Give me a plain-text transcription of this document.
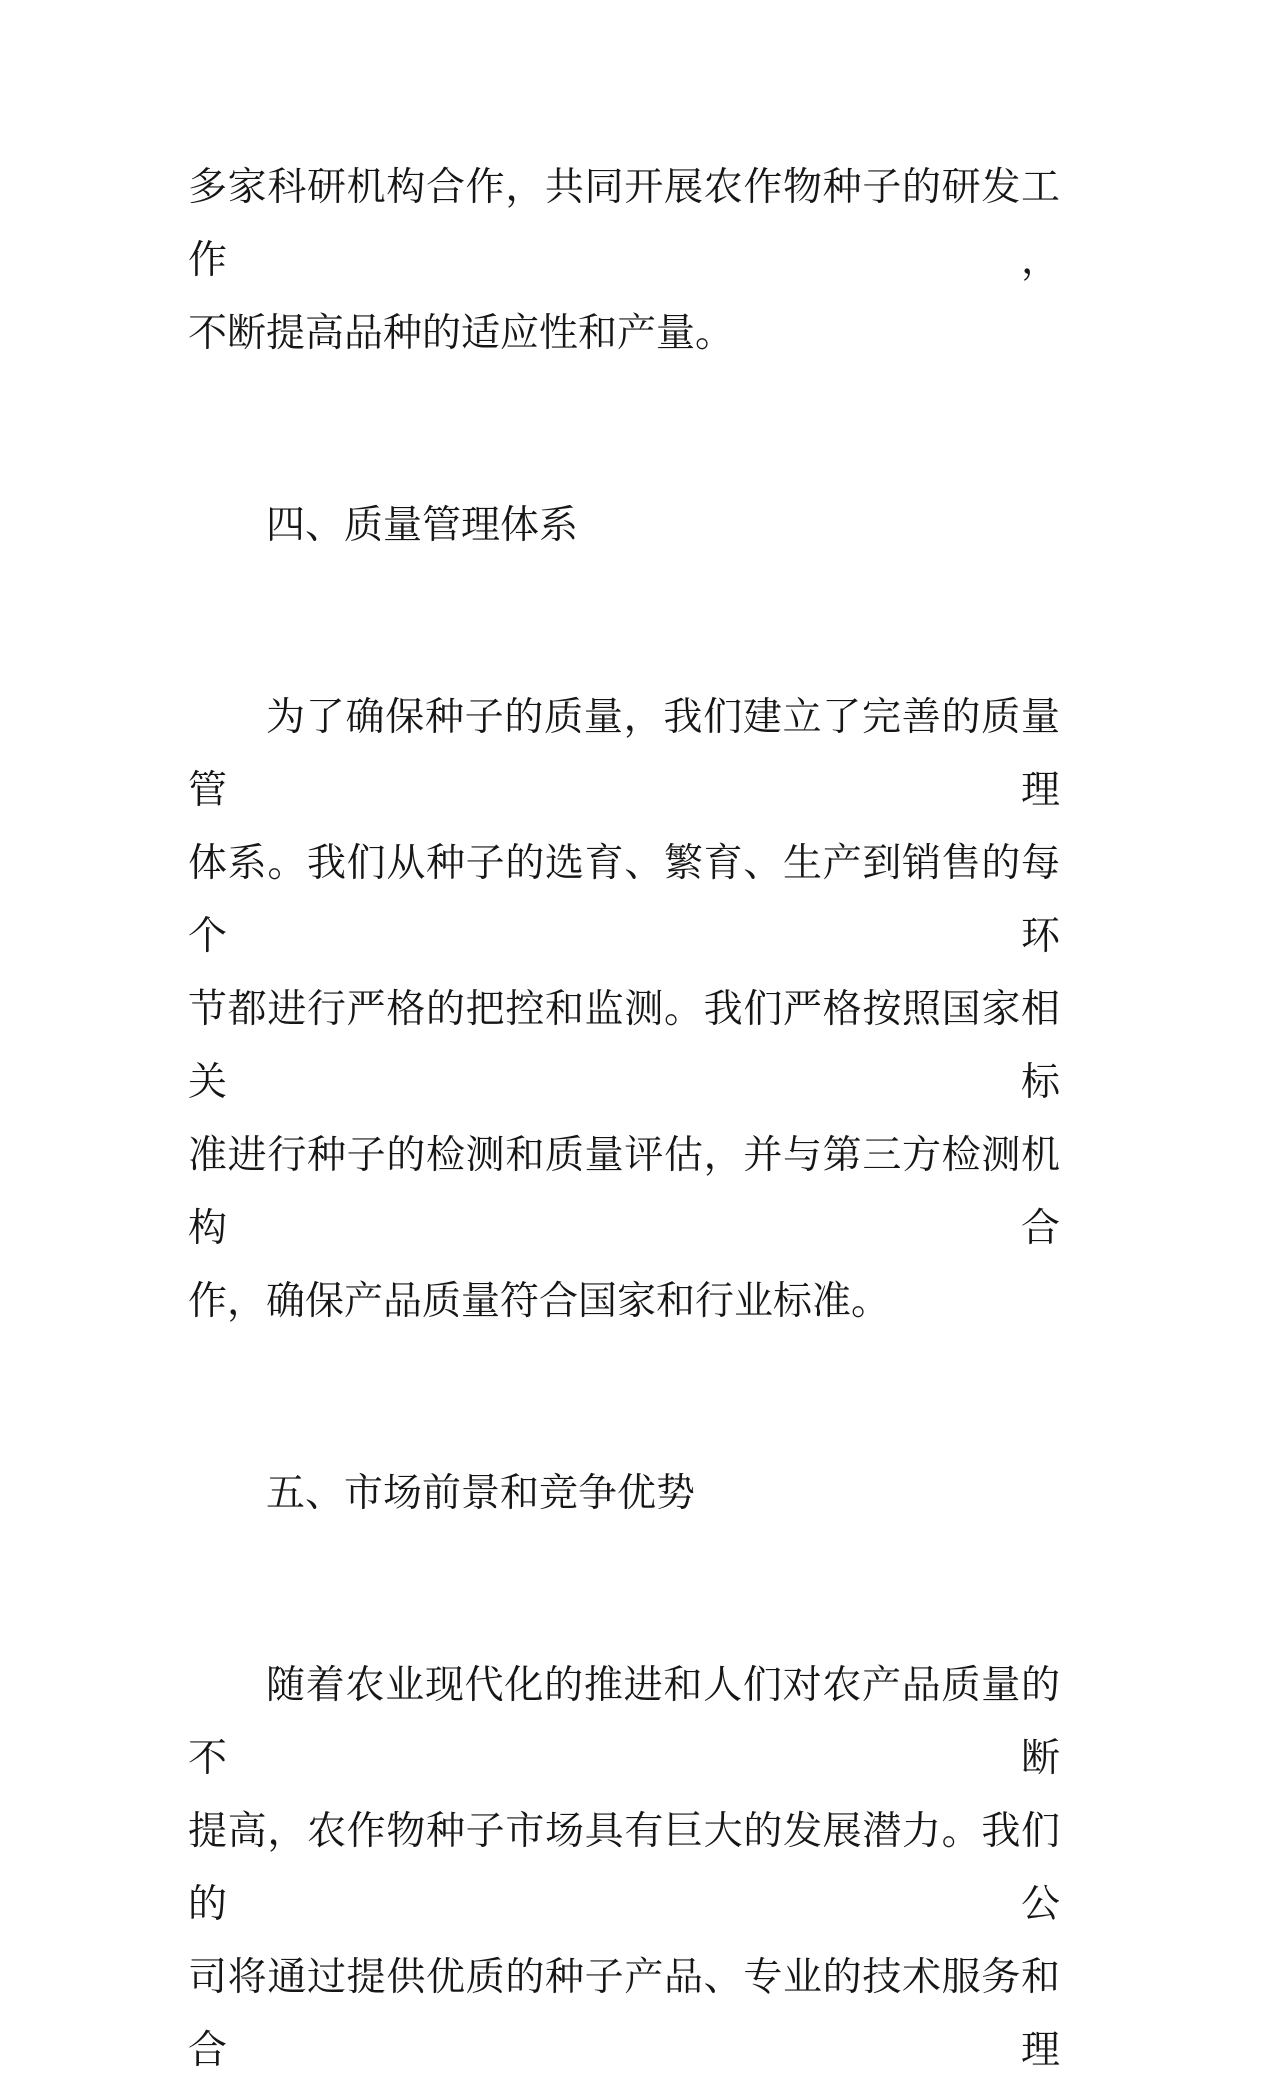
多家科研机构合作，共同开展农作物种子的研发工作，
不断提高品种的适应性和产量。
四、质量管理体系
为了确保种子的质量，我们建立了完善的质量管理
体系。我们从种子的选育、繁育、生产到销售的每个环
节都进行严格的把控和监测。我们严格按照国家相关标
准进行种子的检测和质量评估，并与第三方检测机构合
作，确保产品质量符合国家和行业标准。
五、市场前景和竞争优势
随着农业现代化的推进和人们对农产品质量的不断
提高，农作物种子市场具有巨大的发展潜力。我们的公
司将通过提供优质的种子产品、专业的技术服务和合理
